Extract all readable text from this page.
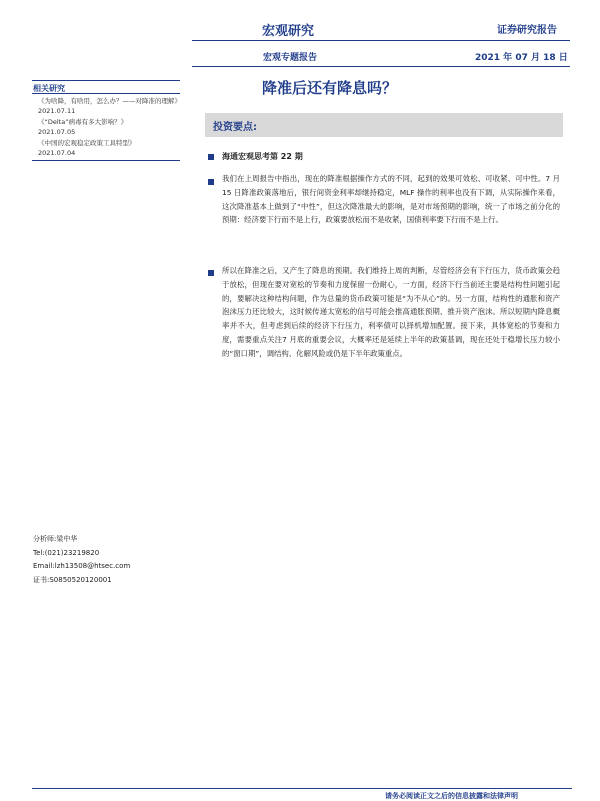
宏观研究	证券研究报告
宏观专题报告	2021 年 07 月 18 日
相关研究
《为啥降，有啥用，怎么办？——对降准的理解》 2021.07.11
《“Delta”病毒有多大影响？》
2021.07.05
《中国的宏观稳定政策工具特型》
2021.07.04
分析师:梁中华
Tel:(021)23219820
Email:lzh13508@htsec.com
证书:S0850520120001
降准后还有降息吗？
投资要点:
海通宏观思考第 22 期
我们在上周报告中指出，现在的降准根据操作方式的不同，起到的效果可效松、可收紧、可中性。7 月 15 日降准政策落地后，银行间资金利率却继持稳定，MLF 操作的利率也没有下调，从实际操作来看，这次降准基本上做到了“中性”，但这次降准最大的影响，是对市场预期的影响，统一了市场之前分化的预期：经济要下行而不是上行，政策要放松而不是收紧，国债利率要下行而不是上行。
所以在降准之后，又产生了降息的预期。我们维持上周的判断，尽管经济会有下行压力，货币政策会趋于放松，但现在要对宽松的节奏和力度保留一份耐心，一方面，经济下行当前还主要是结构性问题引起的，要解决这种结构问题，作为总量的货币政策可能是“为不从心”的。另一方面，结构性的通胀和资产泡沫压力还比较大，这时候传递太宽松的信号可能会推高通胀预期、推升资产泡沫。所以短期内降息概率并不大，但考虑到后续的经济下行压力，利率债可以择机增加配置。接下来，具体宽松的节奏和力度，需要重点关注7 月底的重要会议，大概率还是延续上半年的政策基调，现在还处于稳增长压力较小的“窗口期”，调结构、化解风险或仍是下半年政策重点。
请务必阅读正文之后的信息披露和法律声明
